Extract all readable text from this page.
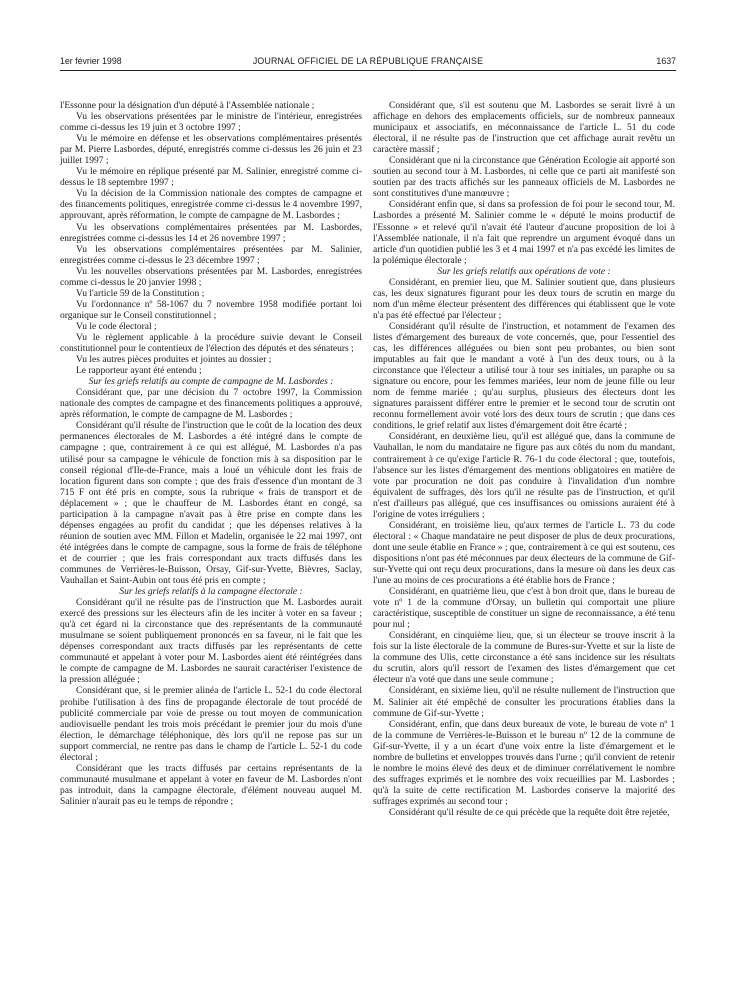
1er février 1998	JOURNAL OFFICIEL DE LA RÉPUBLIQUE FRANÇAISE	1637

l'Essonne pour la désignation d'un député à l'Assemblée nationale ;

Vu les observations présentées par le ministre de l'intérieur, enregistrées comme ci-dessus les 19 juin et 3 octobre 1997 ;

Vu le mémoire en défense et les observations complémentaires présentés par M. Pierre Lasbordes, député, enregistrés comme ci-dessus les 26 juin et 23 juillet 1997 ;

Vu le mémoire en réplique présenté par M. Salinier, enregistré comme ci-dessus le 18 septembre 1997 ;

Vu la décision de la Commission nationale des comptes de campagne et des financements politiques, enregistrée comme ci-dessus le 4 novembre 1997, approuvant, après réformation, le compte de campagne de M. Lasbordes ;

Vu les observations complémentaires présentées par M. Lasbordes, enregistrées comme ci-dessus les 14 et 26 novembre 1997 ;

Vu les observations complémentaires présentées par M. Salinier, enregistrées comme ci-dessus le 23 décembre 1997 ;

Vu les nouvelles observations présentées par M. Lasbordes, enregistrées comme ci-dessus le 20 janvier 1998 ;

Vu l'article 59 de la Constitution ;

Vu l'ordonnance nº 58-1067 du 7 novembre 1958 modifiée portant loi organique sur le Conseil constitutionnel ;

Vu le code électoral ;

Vu le règlement applicable à la procédure suivie devant le Conseil constitutionnel pour le contentieux de l'élection des députés et des sénateurs ;

Vu les autres pièces produites et jointes au dossier ;

Le rapporteur ayant été entendu ;

Sur les griefs relatifs au compte de campagne de M. Lasbordes :

Considérant que, par une décision du 7 octobre 1997, la Commission nationale des comptes de campagne et des financements politiques a approuvé, après réformation, le compte de campagne de M. Lasbordes ;

Considérant qu'il résulte de l'instruction que le coût de la location des deux permanences électorales de M. Lasbordes a été intégré dans le compte de campagne ; que, contrairement à ce qui est allégué, M. Lasbordes n'a pas utilisé pour sa campagne le véhicule de fonction mis à sa disposition par le conseil régional d'Ile-de-France, mais a loué un véhicule dont les frais de location figurent dans son compte ; que des frais d'essence d'un montant de 3 715 F ont été pris en compte, sous la rubrique « frais de transport et de déplacement » ; que le chauffeur de M. Lasbordes étant en congé, sa participation à la campagne n'avait pas à être prise en compte dans les dépenses engagées au profit du candidat ; que les dépenses relatives à la réunion de soutien avec MM. Fillon et Madelin, organisée le 22 mai 1997, ont été intégrées dans le compte de campagne, sous la forme de frais de téléphone et de courrier ; que les frais correspondant aux tracts diffusés dans les communes de Verrières-le-Buisson, Orsay, Gif-sur-Yvette, Bièvres, Saclay, Vauhallan et Saint-Aubin ont tous été pris en compte ;

Sur les griefs relatifs à la campagne électorale :

Considérant qu'il ne résulte pas de l'instruction que M. Lasbordes aurait exercé des pressions sur les électeurs afin de les inciter à voter en sa faveur ; qu'à cet égard ni la circonstance que des représentants de la communauté musulmane se soient publiquement prononcés en sa faveur, ni le fait que les dépenses correspondant aux tracts diffusés par les représentants de cette communauté et appelant à voter pour M. Lasbordes aient été réintégrées dans le compte de campagne de M. Lasbordes ne saurait caractériser l'existence de la pression alléguée ;

Considérant que, si le premier alinéa de l'article L. 52-1 du code électoral prohibe l'utilisation à des fins de propagande électorale de tout procédé de publicité commerciale par voie de presse ou tout moyen de communication audiovisuelle pendant les trois mois précédant le premier jour du mois d'une élection, le démarchage téléphonique, dès lors qu'il ne repose pas sur un support commercial, ne rentre pas dans le champ de l'article L. 52-1 du code électoral ;

Considérant que les tracts diffusés par certains représentants de la communauté musulmane et appelant à voter en faveur de M. Lasbordes n'ont pas introduit, dans la campagne électorale, d'élément nouveau auquel M. Salinier n'aurait pas eu le temps de répondre ;

Considérant que, s'il est soutenu que M. Lasbordes se serait livré à un affichage en dehors des emplacements officiels, sur de nombreux panneaux municipaux et associatifs, en méconnaissance de l'article L. 51 du code électoral, il ne résulte pas de l'instruction que cet affichage aurait revêtu un caractère massif ;

Considérant que ni la circonstance que Génération Ecologie ait apporté son soutien au second tour à M. Lasbordes, ni celle que ce parti ait manifesté son soutien par des tracts affichés sur les panneaux officiels de M. Lasbordes ne sont constitutives d'une manœuvre ;

Considérant enfin que, si dans sa profession de foi pour le second tour, M. Lasbordes a présenté M. Salinier comme le « député le moins productif de l'Essonne » et relevé qu'il n'avait été l'auteur d'aucune proposition de loi à l'Assemblée nationale, il n'a fait que reprendre un argument évoqué dans un article d'un quotidien publié les 3 et 4 mai 1997 et n'a pas excédé les limites de la polémique électorale ;

Sur les griefs relatifs aux opérations de vote :

Considérant, en premier lieu, que M. Salinier soutient que, dans plusieurs cas, les deux signatures figurant pour les deux tours de scrutin en marge du nom d'un même électeur présentent des différences qui établissent que le vote n'a pas été effectué par l'électeur ;

Considérant qu'il résulte de l'instruction, et notamment de l'examen des listes d'émargement des bureaux de vote concernés, que, pour l'essentiel des cas, les différences alléguées ou bien sont peu probantes, ou bien sont imputables au fait que le mandant a voté à l'un des deux tours, ou à la circonstance que l'électeur a utilisé tour à tour ses initiales, un paraphe ou sa signature ou encore, pour les femmes mariées, leur nom de jeune fille ou leur nom de femme mariée ; qu'au surplus, plusieurs des électeurs dont les signatures paraissent différer entre le premier et le second tour de scrutin ont reconnu formellement avoir voté lors des deux tours de scrutin ; que dans ces conditions, le grief relatif aux listes d'émargement doit être écarté ;

Considérant, en deuxième lieu, qu'il est allégué que, dans la commune de Vauhallan, le nom du mandataire ne figure pas aux côtés du nom du mandant, contrairement à ce qu'exige l'article R. 76-1 du code électoral ; que, toutefois, l'absence sur les listes d'émargement des mentions obligatoires en matière de vote par procuration ne doit pas conduire à l'invalidation d'un nombre équivalent de suffrages, dès lors qu'il ne résulte pas de l'instruction, et qu'il n'est d'ailleurs pas allégué, que ces insuffisances ou omissions auraient été à l'origine de votes irréguliers ;

Considérant, en troisième lieu, qu'aux termes de l'article L. 73 du code électoral : « Chaque mandataire ne peut disposer de plus de deux procurations, dont une seule établie en France » ; que, contrairement à ce qui est soutenu, ces dispositions n'ont pas été méconnues par deux électeurs de la commune de Gif-sur-Yvette qui ont reçu deux procurations, dans la mesure où dans les deux cas l'une au moins de ces procurations a été établie hors de France ;

Considérant, en quatrième lieu, que c'est à bon droit que, dans le bureau de vote nº 1 de la commune d'Orsay, un bulletin qui comportait une pliure caractéristique, susceptible de constituer un signe de reconnaissance, a été tenu pour nul ;

Considérant, en cinquième lieu, que, si un électeur se trouve inscrit à la fois sur la liste électorale de la commune de Bures-sur-Yvette et sur la liste de la commune des Ulis, cette circonstance a été sans incidence sur les résultats du scrutin, alors qu'il ressort de l'examen des listes d'émargement que cet électeur n'a voté que dans une seule commune ;

Considérant, en sixième lieu, qu'il ne résulte nullement de l'instruction que M. Salinier ait été empêché de consulter les procurations établies dans la commune de Gif-sur-Yvette ;

Considérant, enfin, que dans deux bureaux de vote, le bureau de vote nº 1 de la commune de Verrières-le-Buisson et le bureau nº 12 de la commune de Gif-sur-Yvette, il y a un écart d'une voix entre la liste d'émargement et le nombre de bulletins et enveloppes trouvés dans l'urne ; qu'il convient de retenir le nombre le moins élevé des deux et de diminuer corrélativement le nombre des suffrages exprimés et le nombre des voix recueillies par M. Lasbordes ; qu'à la suite de cette rectification M. Lasbordes conserve la majorité des suffrages exprimés au second tour ;

Considérant qu'il résulte de ce qui précède que la requête doit être rejetée,
